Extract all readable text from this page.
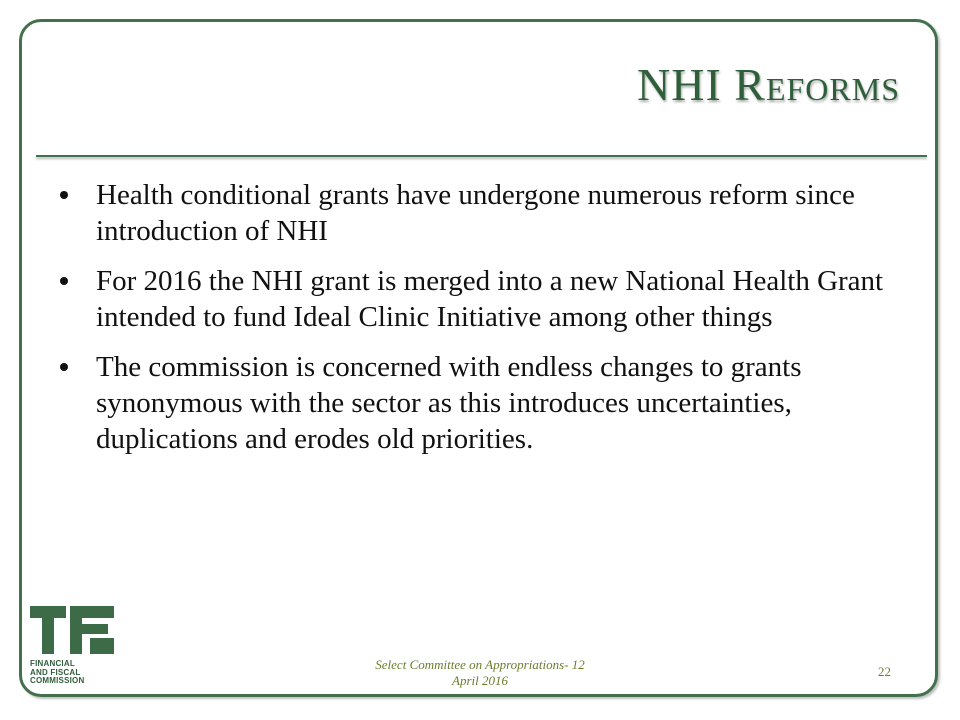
NHI Reforms
Health conditional grants have undergone numerous reform since introduction of NHI
For 2016 the NHI grant is merged into a new National Health Grant intended to fund Ideal Clinic Initiative among other things
The commission is concerned with endless changes to grants synonymous with the sector as this introduces uncertainties, duplications and erodes old priorities.
FINANCIAL
AND FISCAL
COMMISSION
Select Committee on Appropriations- 12
April 2016
22
